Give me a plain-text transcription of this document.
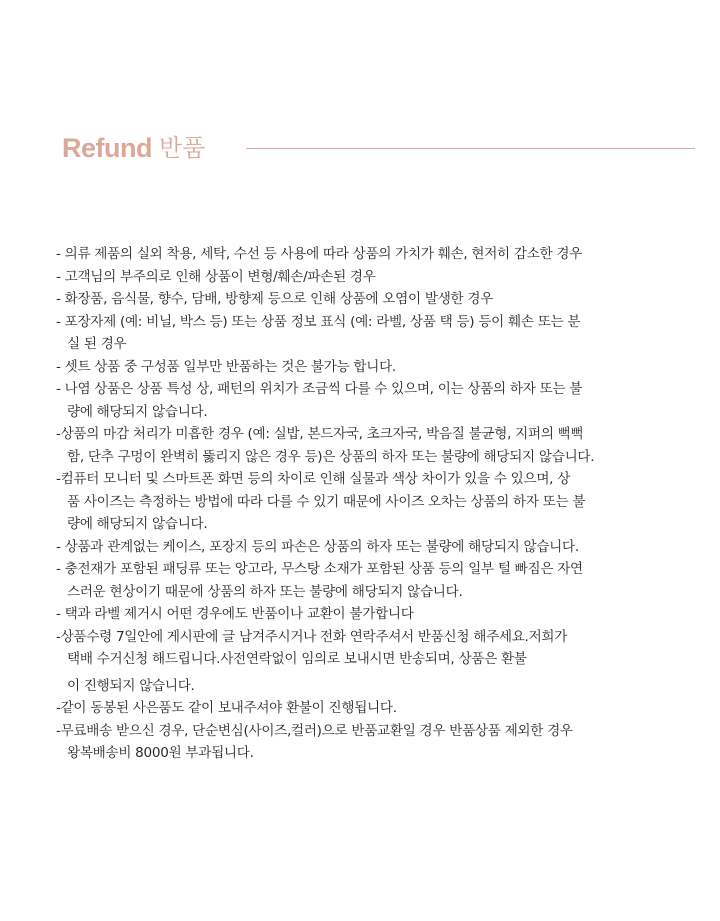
Refund 반품
- 의류 제품의 실외 착용, 세탁, 수선 등 사용에 따라 상품의 가치가 훼손, 현저히 감소한 경우
- 고객님의 부주의로 인해 상품이 변형/훼손/파손된 경우
- 화장품, 음식물, 향수, 담배, 방향제 등으로 인해 상품에 오염이 발생한 경우
- 포장자제 (예: 비닐, 박스 등) 또는 상품 정보 표식 (예: 라벨, 상품 택 등) 등이 훼손 또는 분
실 된 경우
- 셋트 상품 중 구성품 일부만 반품하는 것은 불가능 합니다.
- 나염 상품은 상품 특성 상, 패턴의 위치가 조금씩 다를 수 있으며, 이는 상품의 하자 또는 불
량에 해당되지 않습니다.
-상품의 마감 처리가 미흡한 경우 (예: 실밥, 본드자국, 초크자국, 박음질 불균형, 지퍼의 뻑뻑
함, 단추 구멍이 완벽히 뚫리지 않은 경우 등)은 상품의 하자 또는 불량에 해당되지 않습니다.
-컴퓨터 모니터 및 스마트폰 화면 등의 차이로 인해 실물과 색상 차이가 있을 수 있으며, 상
품 사이즈는 측정하는 방법에 따라 다를 수 있기 때문에 사이즈 오차는 상품의 하자 또는 불
량에 해당되지 않습니다.
- 상품과 관계없는 케이스, 포장지 등의 파손은 상품의 하자 또는 불량에 해당되지 않습니다.
- 충전재가 포함된 패딩류 또는 앙고라, 무스탕 소재가 포함된 상품 등의 일부 털 빠짐은 자연
스러운 현상이기 때문에 상품의 하자 또는 불량에 해당되지 않습니다.
- 택과 라벨 제거시 어떤 경우에도 반품이나 교환이 불가합니다
-상품수령 7일안에 게시판에 글 남겨주시거나 전화 연락주셔서 반품신청 해주세요.저희가
택배 수거신청 해드립니다.사전연락없이 임의로 보내시면 반송되며, 상품은 환불
이 진행되지 않습니다.
-같이 동봉된 사은품도 같이 보내주셔야 환불이 진행됩니다.
-무료배송 받으신 경우, 단순변심(사이즈,컬러)으로 반품교환일 경우 반품상품 제외한 경우
왕복배송비 8000원 부과됩니다.
